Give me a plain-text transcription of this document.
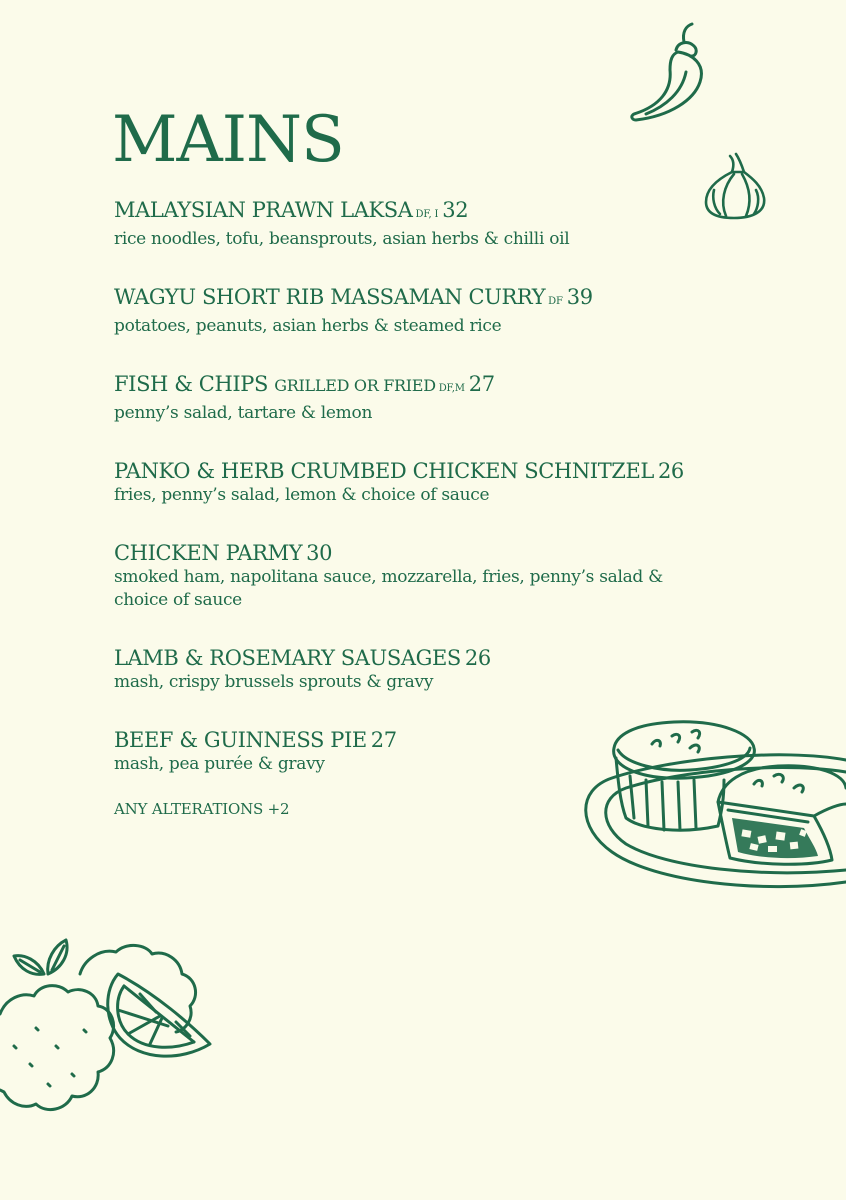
MAINS
MALAYSIAN PRAWN LAKSA DF, I 32
rice noodles, tofu, beansprouts, asian herbs & chilli oil
WAGYU SHORT RIB MASSAMAN CURRY DF 39
potatoes, peanuts, asian herbs & steamed rice
FISH & CHIPS GRILLED OR FRIED DF,M 27
penny’s salad, tartare & lemon
PANKO & HERB CRUMBED CHICKEN SCHNITZEL 26
fries, penny’s salad, lemon & choice of sauce
CHICKEN PARMY 30
smoked ham, napolitana sauce, mozzarella, fries, penny’s salad & choice of sauce
LAMB & ROSEMARY SAUSAGES 26
mash, crispy brussels sprouts & gravy
BEEF & GUINNESS PIE 27
mash, pea purée & gravy
ANY ALTERATIONS +2
